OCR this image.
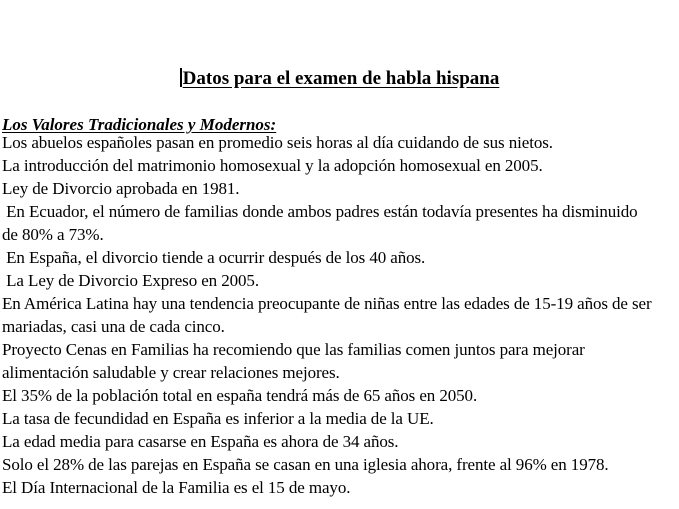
Datos para el examen de habla hispana
Los Valores Tradicionales y Modernos:
Los abuelos españoles pasan en promedio seis horas al día cuidando de sus nietos.
La introducción del matrimonio homosexual y la adopción homosexual en 2005.
Ley de Divorcio aprobada en 1981.
En Ecuador, el número de familias donde ambos padres están todavía presentes ha disminuido
de 80% a 73%.
En España, el divorcio tiende a ocurrir después de los 40 años.
La Ley de Divorcio Expreso en 2005.
En América Latina hay una tendencia preocupante de niñas entre las edades de 15-19 años de ser
mariadas, casi una de cada cinco.
Proyecto Cenas en Familias ha recomiendo que las familias comen juntos para mejorar
alimentación saludable y crear relaciones mejores.
El 35% de la población total en españa tendrá más de 65 años en 2050.
La tasa de fecundidad en España es inferior a la media de la UE.
La edad media para casarse en España es ahora de 34 años.
Solo el 28% de las parejas en España se casan en una iglesia ahora, frente al 96% en 1978.
El Día Internacional de la Familia es el 15 de mayo.
